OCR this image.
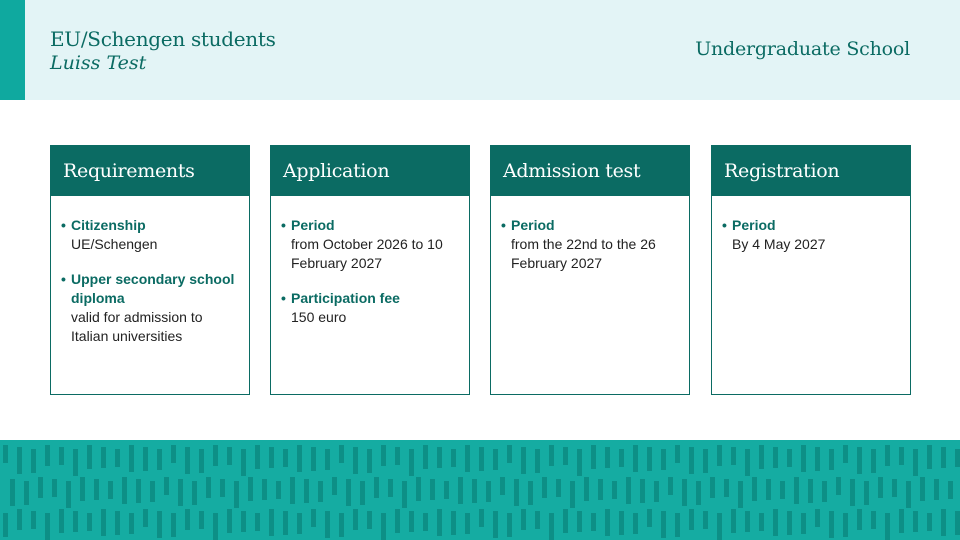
EU/Schengen students
Luiss Test
Undergraduate School
Requirements
• Citizenship
UE/Schengen
• Upper secondary school diploma
valid for admission to Italian universities
Application
• Period
from October 2026 to 10 February 2027
• Participation fee
150 euro
Admission test
• Period
from the 22nd to the 26 February 2027
Registration
• Period
By 4 May 2027
